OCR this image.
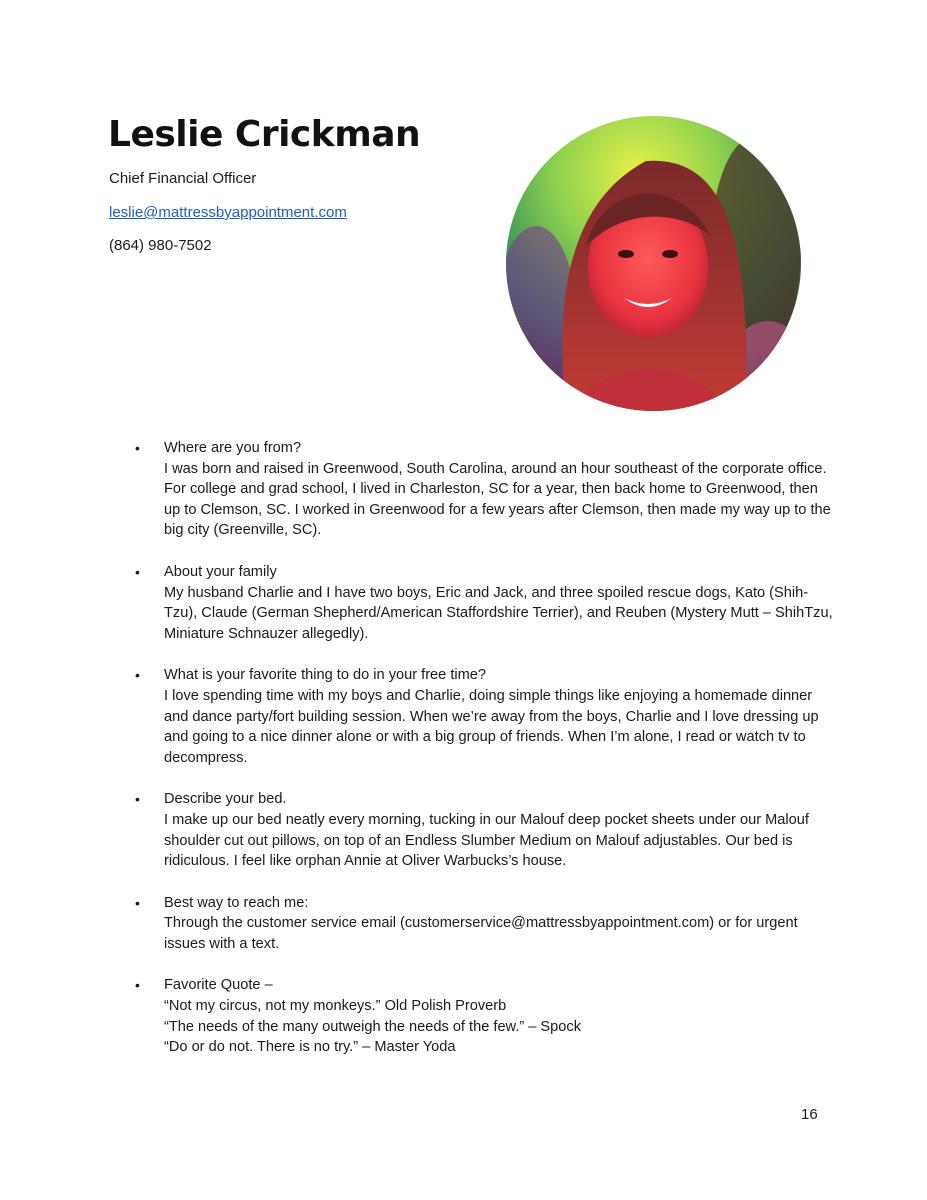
Leslie Crickman
Chief Financial Officer
leslie@mattressbyappointment.com
(864) 980-7502
• Where are you from?
I was born and raised in Greenwood, South Carolina, around an hour southeast of the corporate office. For college and grad school, I lived in Charleston, SC for a year, then back home to Greenwood, then up to Clemson, SC. I worked in Greenwood for a few years after Clemson, then made my way up to the big city (Greenville, SC).
• About your family
My husband Charlie and I have two boys, Eric and Jack, and three spoiled rescue dogs, Kato (Shih-Tzu), Claude (German Shepherd/American Staffordshire Terrier), and Reuben (Mystery Mutt – ShihTzu, Miniature Schnauzer allegedly).
• What is your favorite thing to do in your free time?
I love spending time with my boys and Charlie, doing simple things like enjoying a homemade dinner and dance party/fort building session. When we’re away from the boys, Charlie and I love dressing up and going to a nice dinner alone or with a big group of friends. When I’m alone, I read or watch tv to decompress.
• Describe your bed.
I make up our bed neatly every morning, tucking in our Malouf deep pocket sheets under our Malouf shoulder cut out pillows, on top of an Endless Slumber Medium on Malouf adjustables. Our bed is ridiculous. I feel like orphan Annie at Oliver Warbucks’s house.
• Best way to reach me:
Through the customer service email (customerservice@mattressbyappointment.com) or for urgent issues with a text.
• Favorite Quote –
“Not my circus, not my monkeys.” Old Polish Proverb
“The needs of the many outweigh the needs of the few.” – Spock
“Do or do not. There is no try.” – Master Yoda
16
